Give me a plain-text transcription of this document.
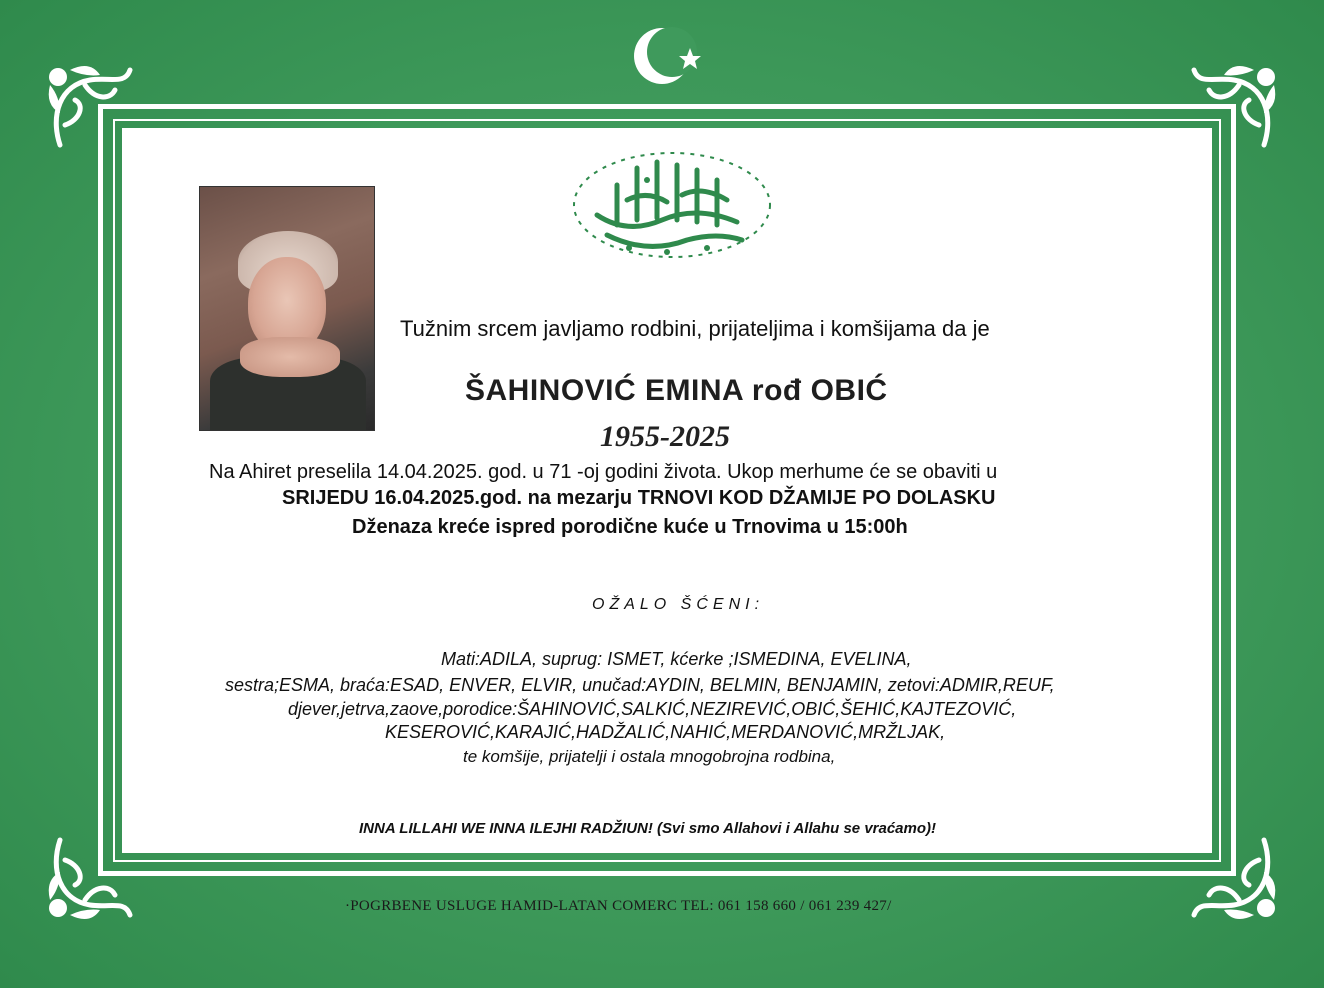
Tužnim srcem javljamo rodbini, prijateljima i komšijama da je
ŠAHINOVIĆ EMINA rođ OBIĆ
1955-2025
Na Ahiret preselila 14.04.2025. god. u 71 -oj godini života. Ukop merhume će se obaviti u
SRIJEDU 16.04.2025.god. na mezarju TRNOVI KOD DŽAMIJE PO DOLASKU
Dženaza kreće ispred porodične kuće u Trnovima u 15:00h
OŽALO ŠĆENI:
Mati:ADILA, suprug: ISMET, kćerke ;ISMEDINA, EVELINA,
sestra;ESMA, braća:ESAD, ENVER, ELVIR, unučad:AYDIN, BELMIN, BENJAMIN, zetovi:ADMIR,REUF,
djever,jetrva,zaove,porodice:ŠAHINOVIĆ,SALKIĆ,NEZIREVIĆ,OBIĆ,ŠEHIĆ,KAJTEZOVIĆ,
KESEROVIĆ,KARAJIĆ,HADŽALIĆ,NAHIĆ,MERDANOVIĆ,MRŽLJAK,
te komšije, prijatelji i ostala mnogobrojna rodbina,
INNA LILLAHI WE INNA ILEJHI RADŽIUN! (Svi smo Allahovi i Allahu se vraćamo)!
·POGRBENE USLUGE HAMID-LATAN COMERC TEL: 061 158 660 / 061 239 427/
